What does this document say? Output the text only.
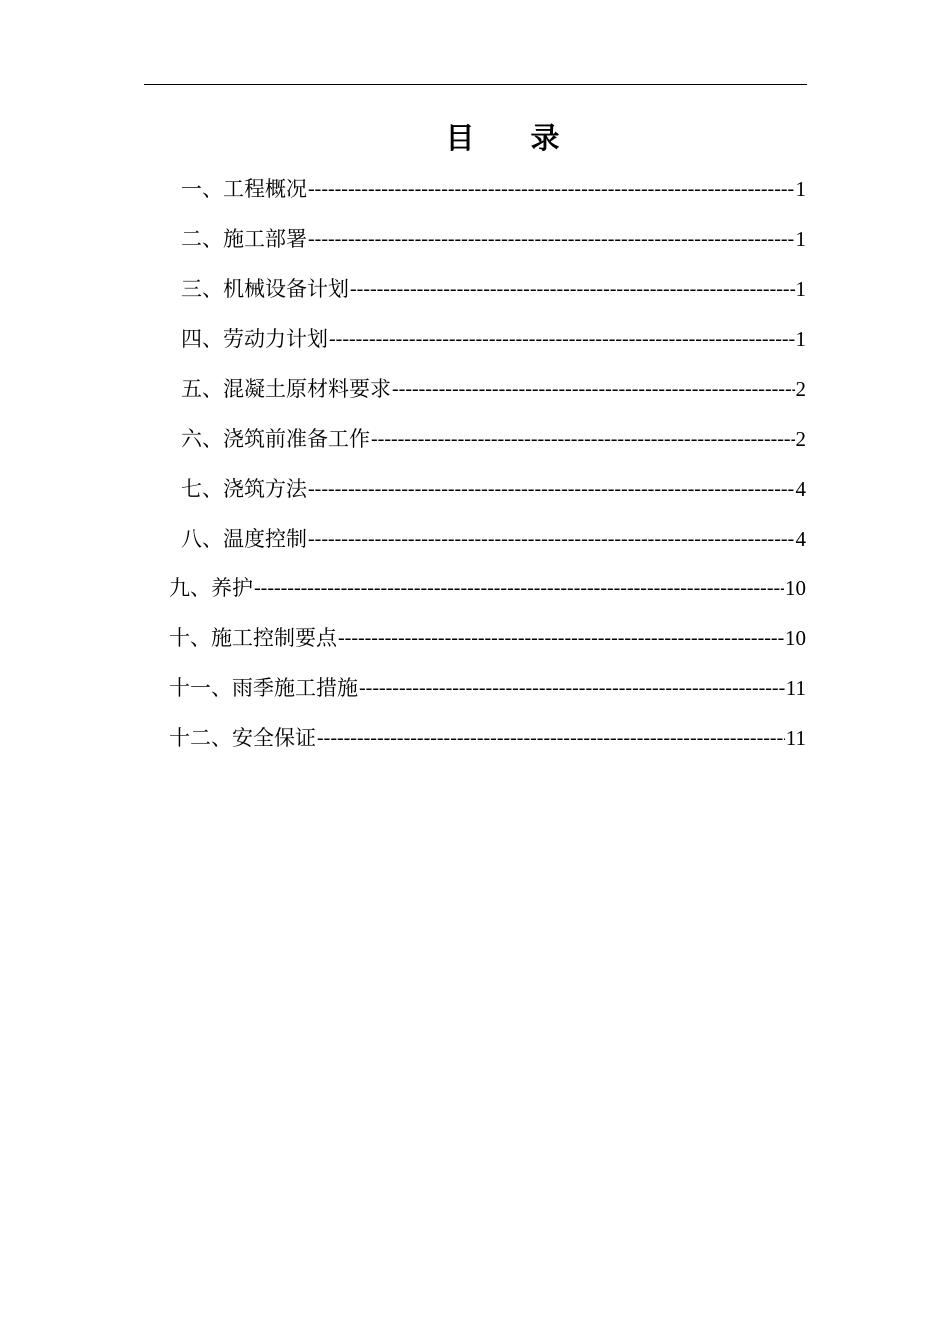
目 录
一、工程概况 -----	1
二、施工部署 -----	1
三、机械设备计划 -----	1
四、劳动力计划 -----	1
五、混凝土原材料要求 -----	2
六、浇筑前准备工作 -----	2
七、浇筑方法 -----	4
八、温度控制 -----	4
九、养护 -----	10
十、施工控制要点 -----	10
十一、雨季施工措施 -----	11
十二、安全保证 -----	11
